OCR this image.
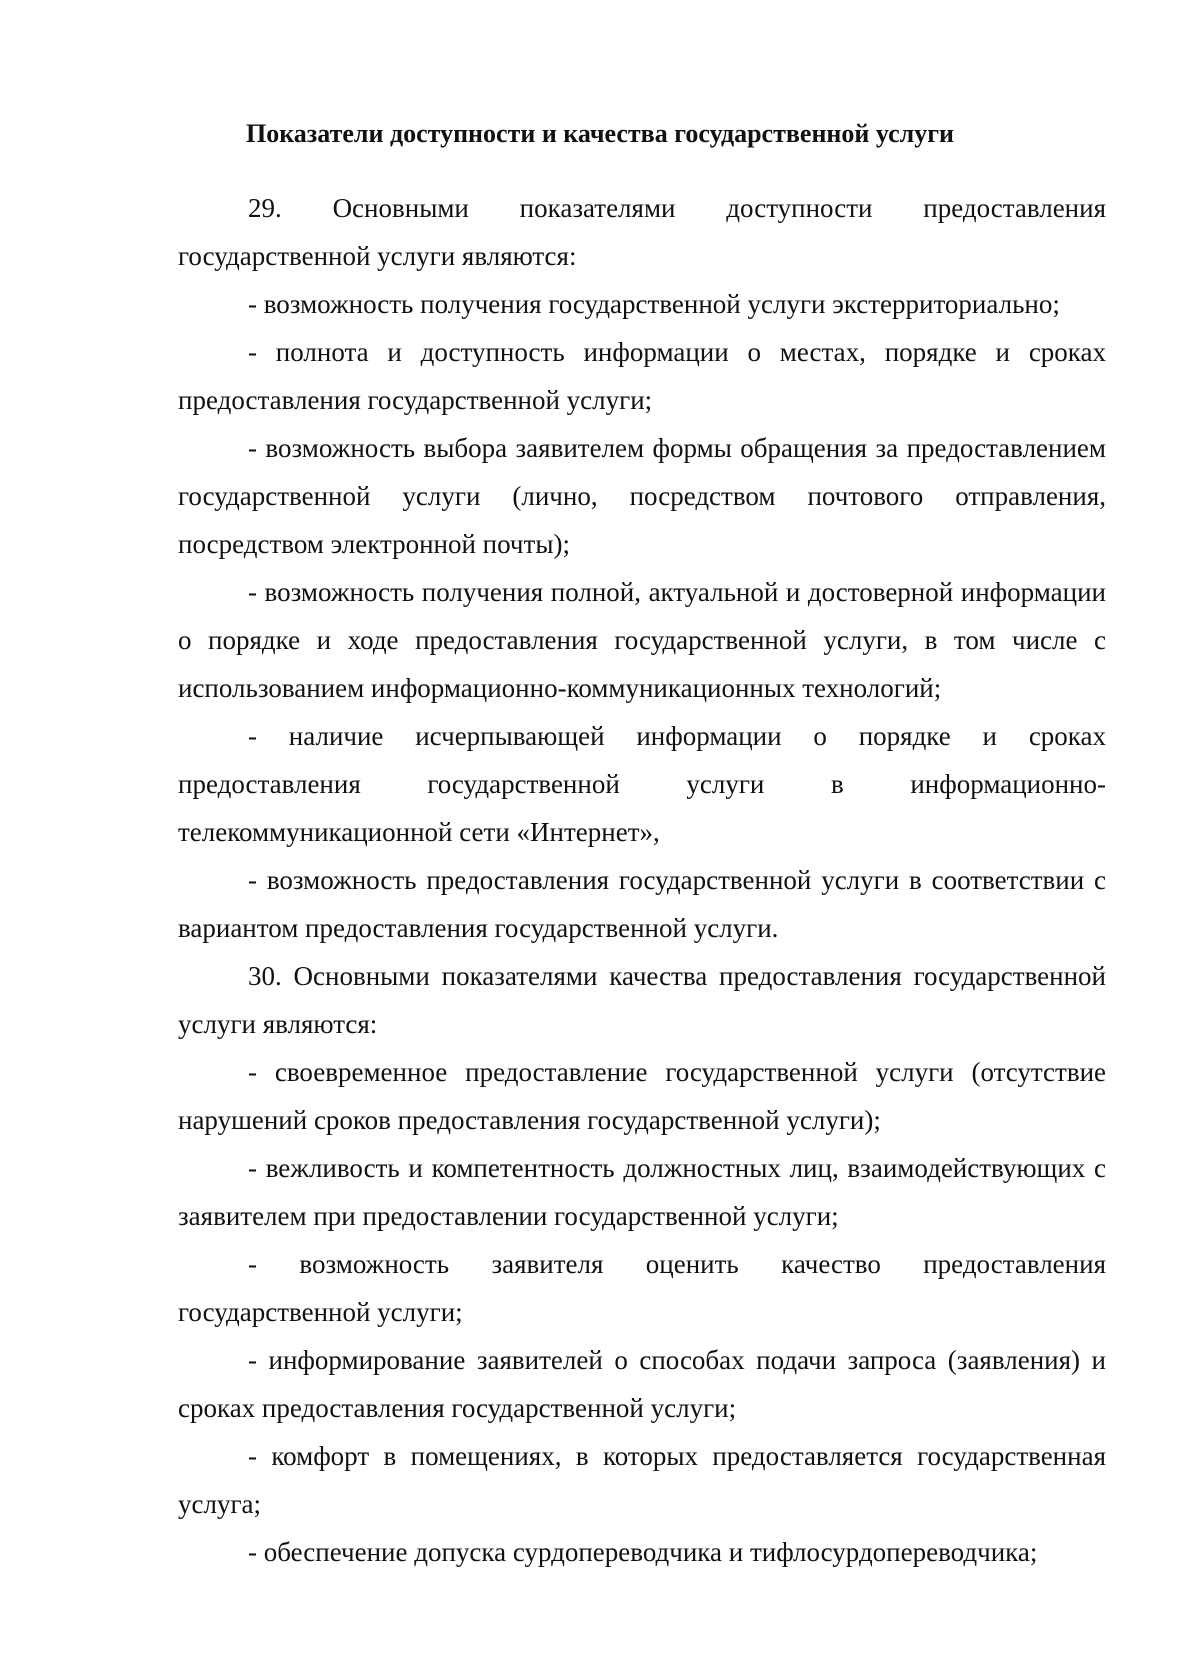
Показатели доступности и качества государственной услуги

29. Основными показателями доступности предоставления государственной услуги являются:

- возможность получения государственной услуги экстерриториально;

- полнота и доступность информации о местах, порядке и сроках предоставления государственной услуги;

- возможность выбора заявителем формы обращения за предоставлением государственной услуги (лично, посредством почтового отправления, посредством электронной почты);

- возможность получения полной, актуальной и достоверной информации о порядке и ходе предоставления государственной услуги, в том числе с использованием информационно-коммуникационных технологий;

- наличие исчерпывающей информации о порядке и сроках предоставления государственной услуги в информационно-телекоммуникационной сети «Интернет»,

- возможность предоставления государственной услуги в соответствии с вариантом предоставления государственной услуги.

30. Основными показателями качества предоставления государственной услуги являются:

- своевременное предоставление государственной услуги (отсутствие нарушений сроков предоставления государственной услуги);

- вежливость и компетентность должностных лиц, взаимодействующих с заявителем при предоставлении государственной услуги;

- возможность заявителя оценить качество предоставления государственной услуги;

- информирование заявителей о способах подачи запроса (заявления) и сроках предоставления государственной услуги;

- комфорт в помещениях, в которых предоставляется государственная услуга;

- обеспечение допуска сурдопереводчика и тифлосурдопереводчика;
